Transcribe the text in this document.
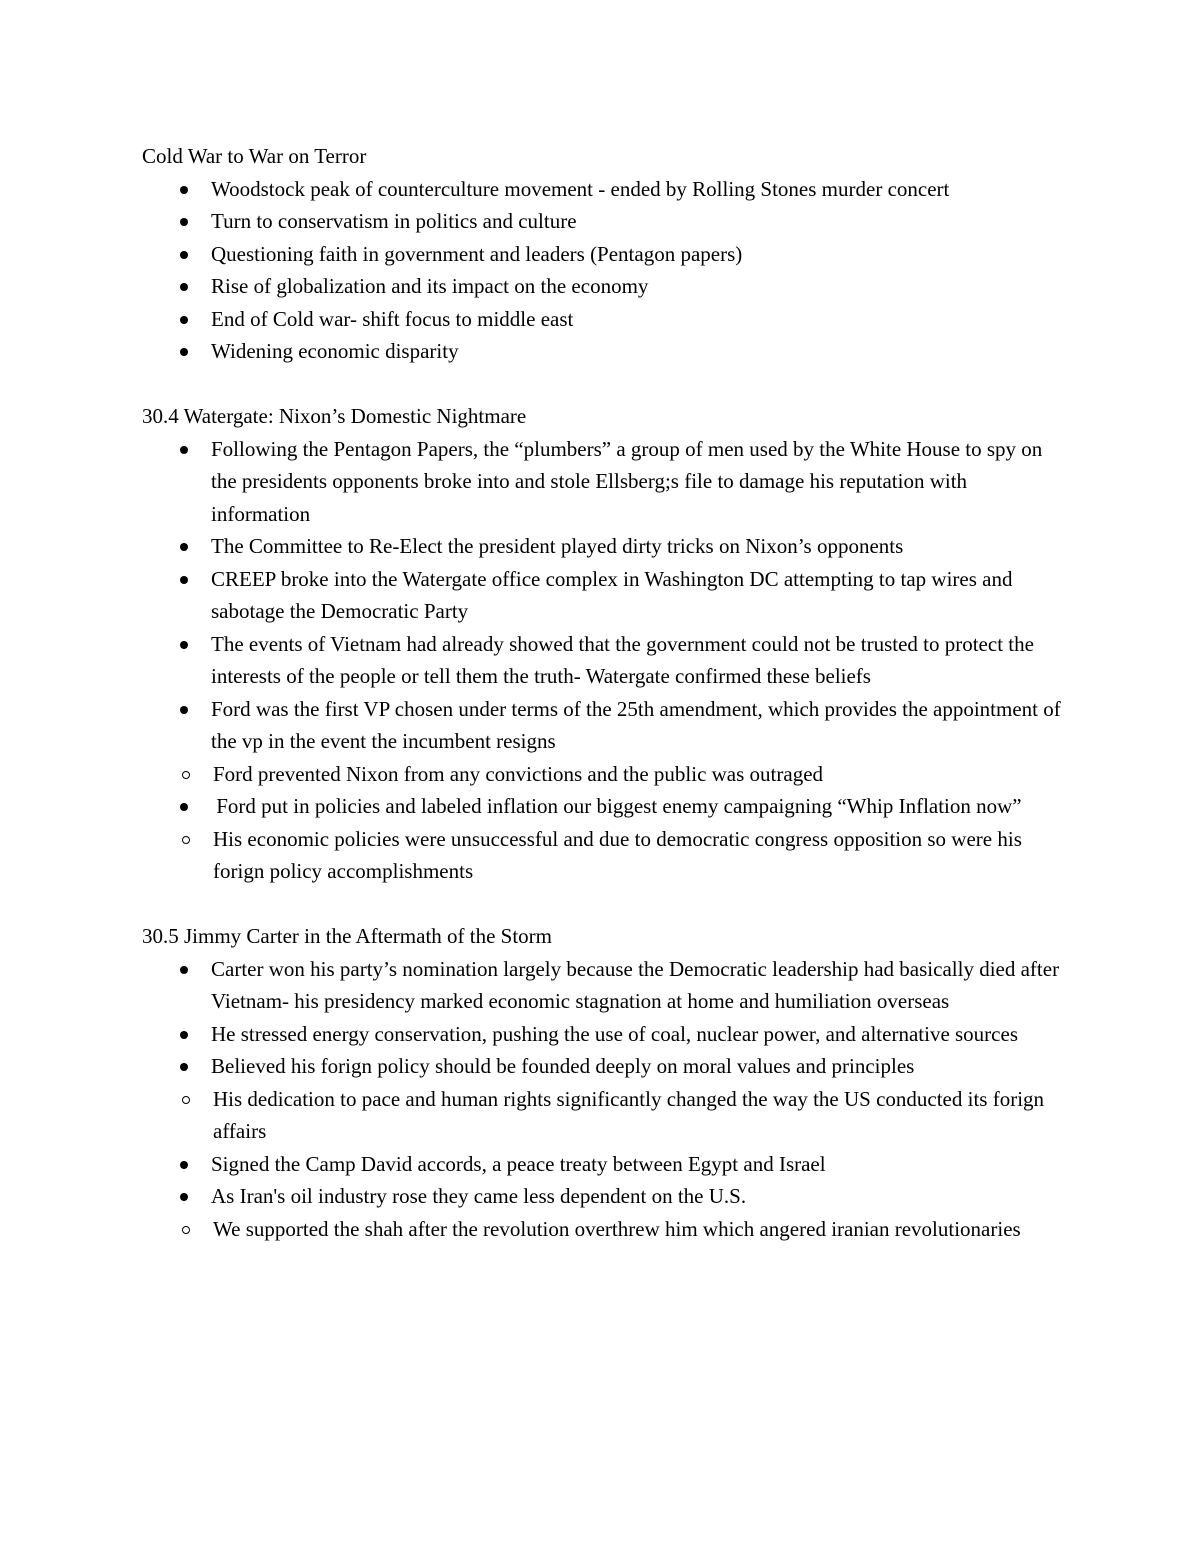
Cold War to War on Terror

Woodstock peak of counterculture movement - ended by Rolling Stones murder concert
Turn to conservatism in politics and culture
Questioning faith in government and leaders (Pentagon papers)
Rise of globalization and its impact on the economy
End of Cold war- shift focus to middle east
Widening economic disparity

30.4 Watergate: Nixon’s Domestic Nightmare

Following the Pentagon Papers, the “plumbers” a group of men used by the White House to spy on the presidents opponents broke into and stole Ellsberg;s file to damage his reputation with information
The Committee to Re-Elect the president played dirty tricks on Nixon’s opponents
CREEP broke into the Watergate office complex in Washington DC attempting to tap wires and sabotage the Democratic Party
The events of Vietnam had already showed that the government could not be trusted to protect the interests of the people or tell them the truth- Watergate confirmed these beliefs
Ford was the first VP chosen under terms of the 25th amendment, which provides the appointment of the vp in the event the incumbent resigns
Ford prevented Nixon from any convictions and the public was outraged
Ford put in policies and labeled inflation our biggest enemy campaigning “Whip Inflation now”
His economic policies were unsuccessful and due to democratic congress opposition so were his forign policy accomplishments

30.5 Jimmy Carter in the Aftermath of the Storm

Carter won his party’s nomination largely because the Democratic leadership had basically died after Vietnam- his presidency marked economic stagnation at home and humiliation overseas
He stressed energy conservation, pushing the use of coal, nuclear power, and alternative sources
Believed his forign policy should be founded deeply on moral values and principles
His dedication to pace and human rights significantly changed the way the US conducted its forign affairs
Signed the Camp David accords, a peace treaty between Egypt and Israel
As Iran's oil industry rose they came less dependent on the U.S.
We supported the shah after the revolution overthrew him which angered iranian revolutionaries
